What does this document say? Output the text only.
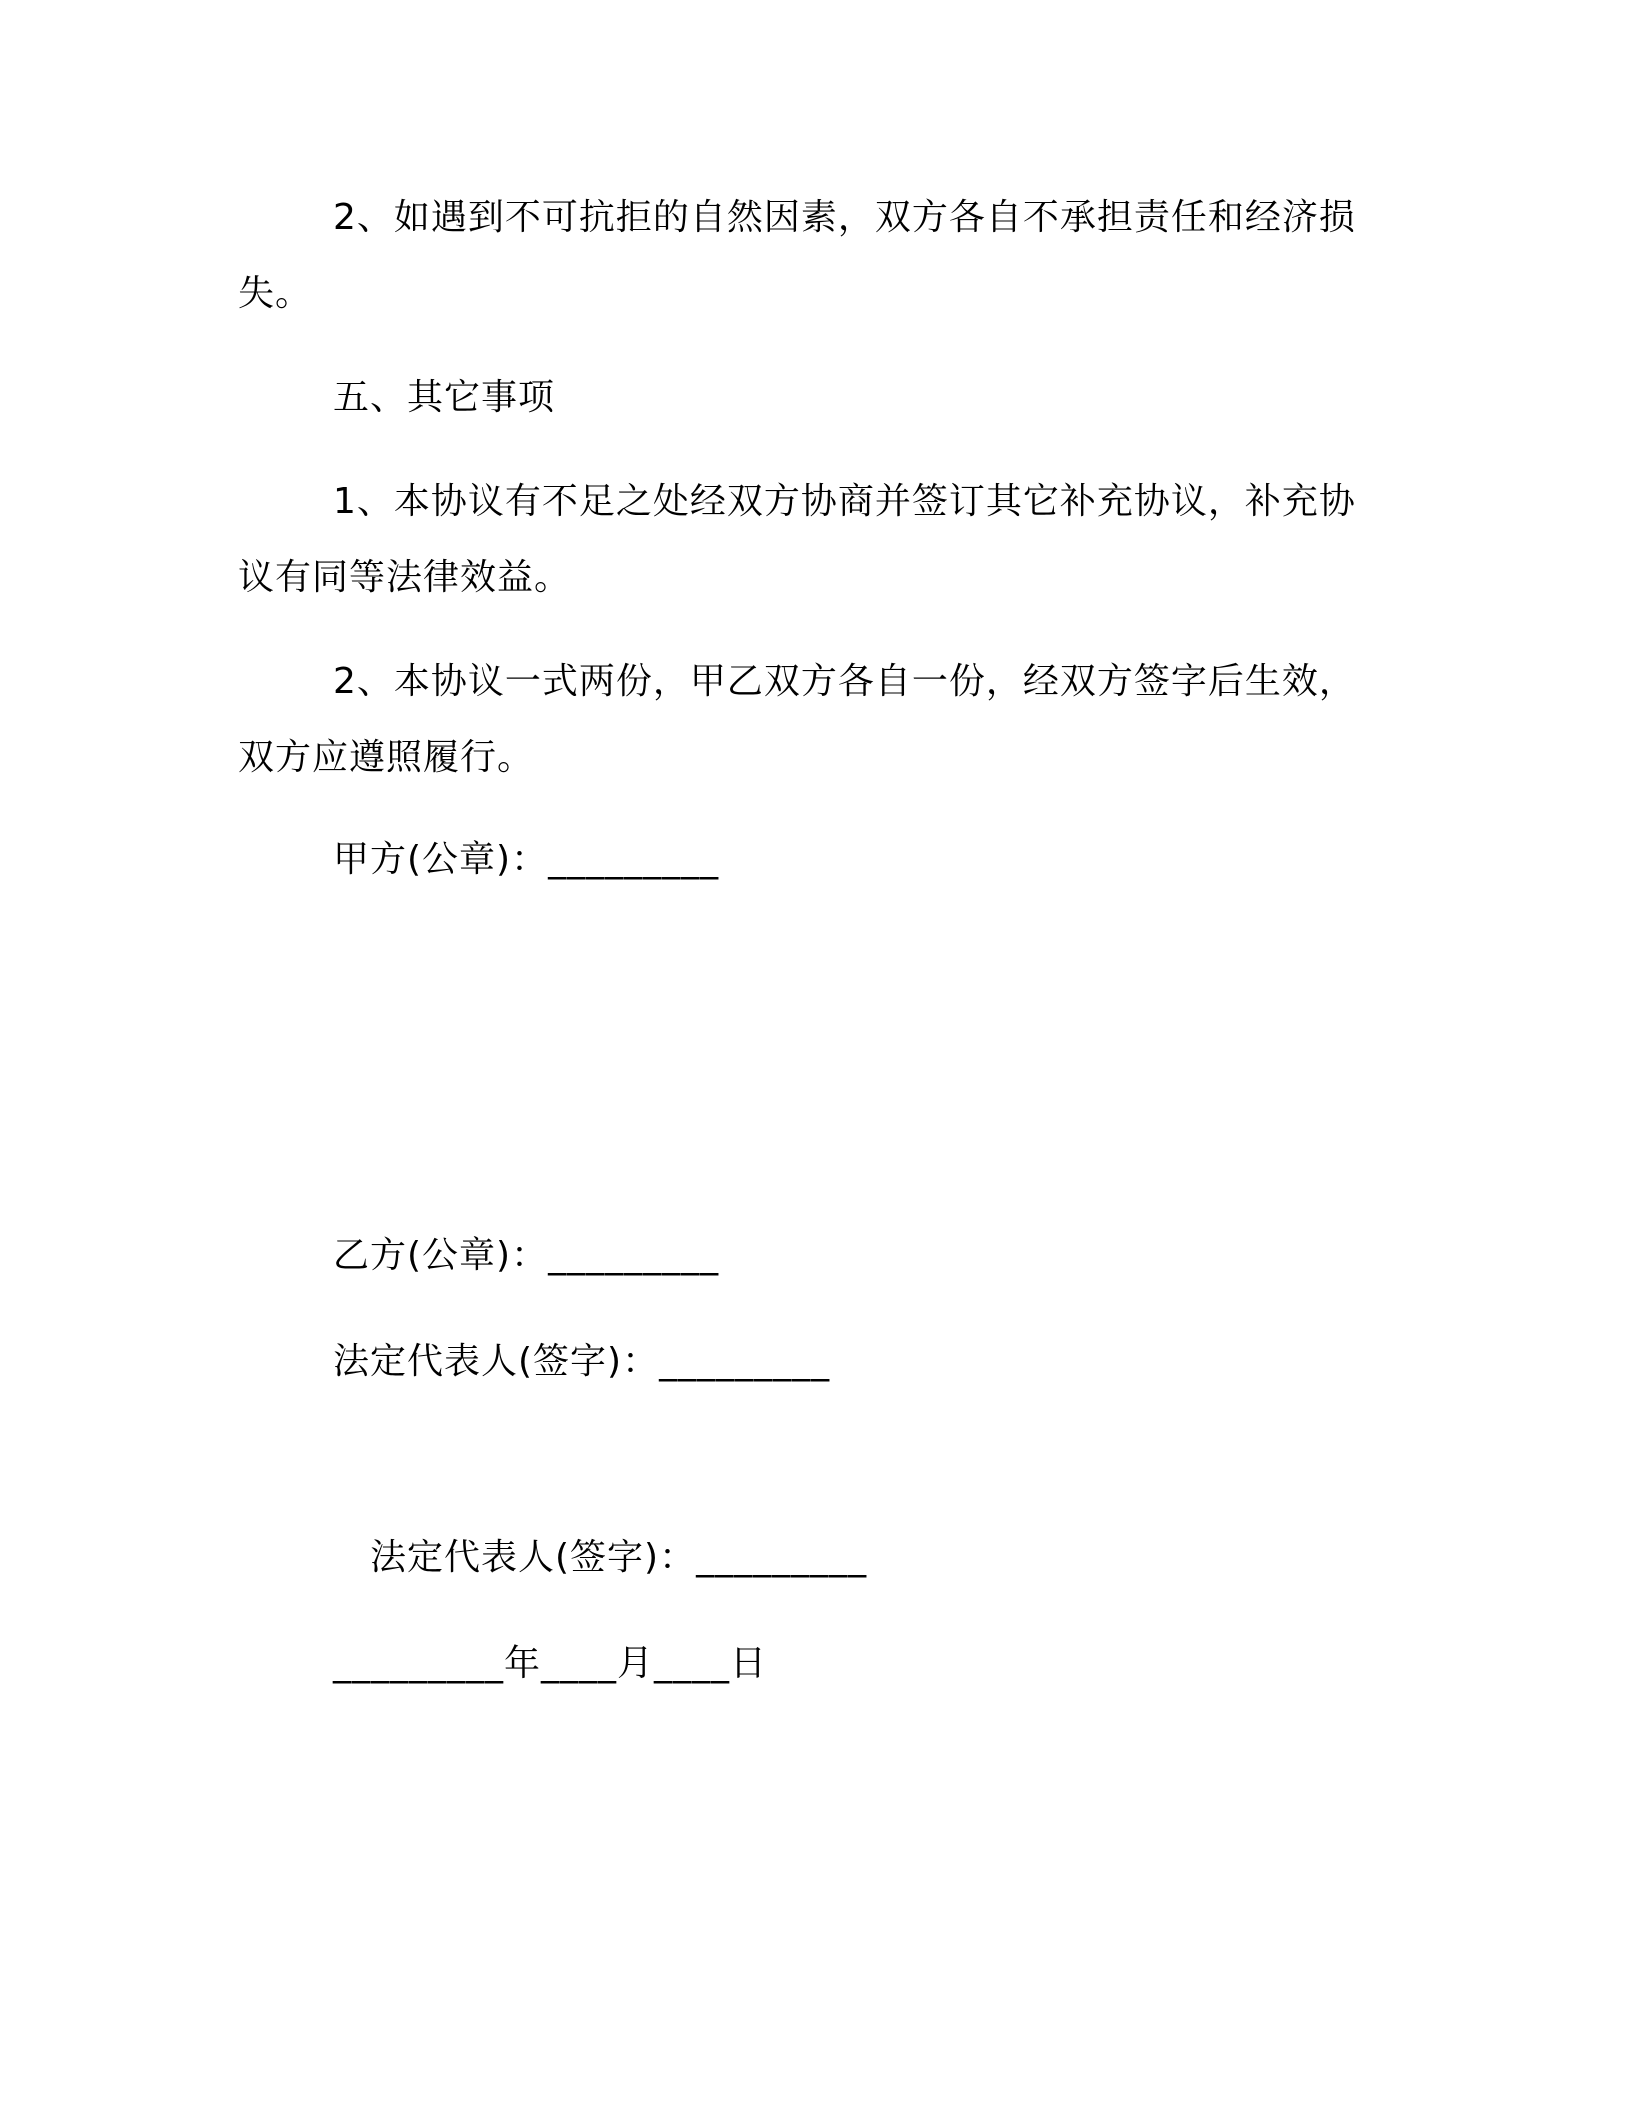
2、如遇到不可抗拒的自然因素，双方各自不承担责任和经济损
失。
五、其它事项
1、本协议有不足之处经双方协商并签订其它补充协议，补充协
议有同等法律效益。
2、本协议一式两份，甲乙双方各自一份，经双方签字后生效，
双方应遵照履行。
甲方(公章)：_________
乙方(公章)：_________
法定代表人(签字)：_________
法定代表人(签字)：_________
_________年____月____日
